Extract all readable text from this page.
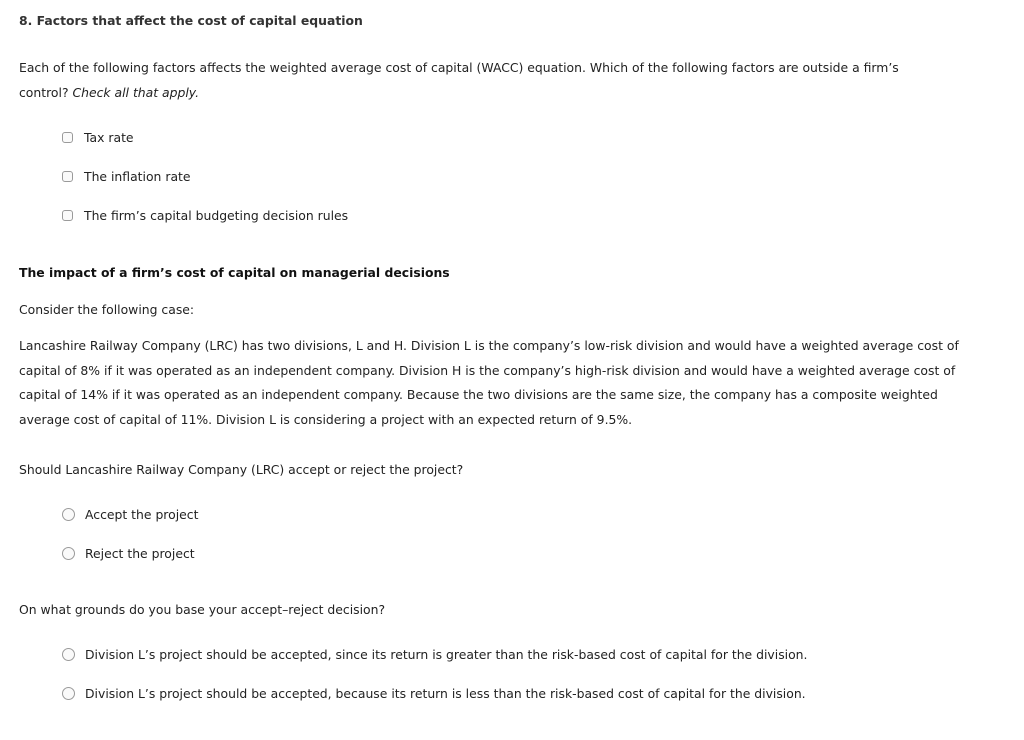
8. Factors that affect the cost of capital equation
Each of the following factors affects the weighted average cost of capital (WACC) equation. Which of the following factors are outside a firm’s
control? Check all that apply.
Tax rate
The inflation rate
The firm’s capital budgeting decision rules
The impact of a firm’s cost of capital on managerial decisions
Consider the following case:
Lancashire Railway Company (LRC) has two divisions, L and H. Division L is the company’s low-risk division and would have a weighted average cost of
capital of 8% if it was operated as an independent company. Division H is the company’s high-risk division and would have a weighted average cost of
capital of 14% if it was operated as an independent company. Because the two divisions are the same size, the company has a composite weighted
average cost of capital of 11%. Division L is considering a project with an expected return of 9.5%.
Should Lancashire Railway Company (LRC) accept or reject the project?
Accept the project
Reject the project
On what grounds do you base your accept–reject decision?
Division L’s project should be accepted, since its return is greater than the risk-based cost of capital for the division.
Division L’s project should be accepted, because its return is less than the risk-based cost of capital for the division.
